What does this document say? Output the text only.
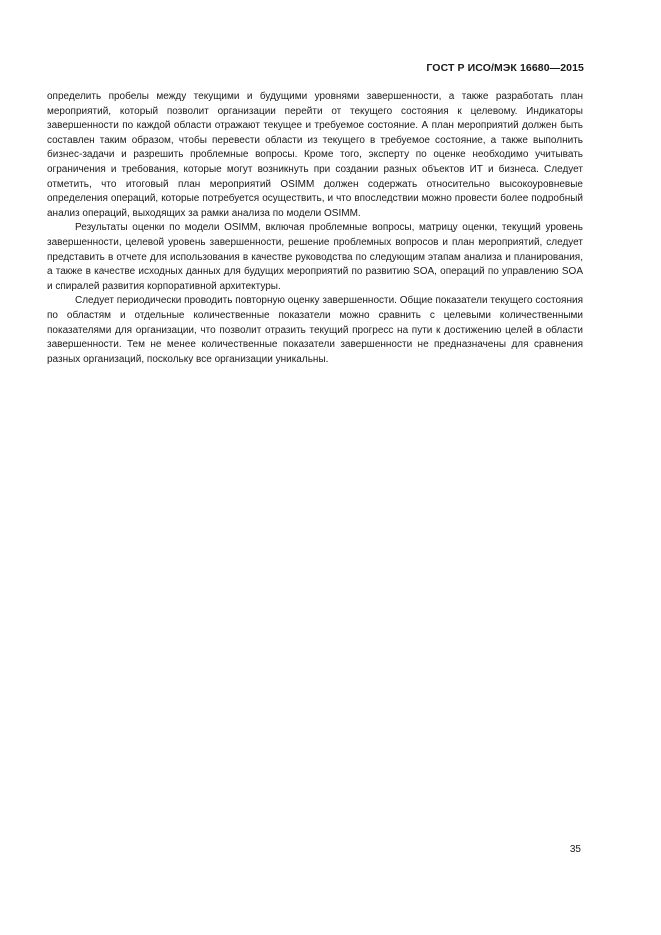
ГОСТ Р ИСО/МЭК 16680—2015

определить пробелы между текущими и будущими уровнями завершенности, а также разработать план мероприятий, который позволит организации перейти от текущего состояния к целевому. Индикаторы завершенности по каждой области отражают текущее и требуемое состояние. А план мероприятий должен быть составлен таким образом, чтобы перевести области из текущего в требуемое состояние, а также выполнить бизнес-задачи и разрешить проблемные вопросы. Кроме того, эксперту по оценке необходимо учитывать ограничения и требования, которые могут возникнуть при создании разных объектов ИТ и бизнеса. Следует отметить, что итоговый план мероприятий OSIMM должен содержать относительно высокоуровневые определения операций, которые потребуется осуществить, и что впоследствии можно провести более подробный анализ операций, выходящих за рамки анализа по модели OSIMM.

Результаты оценки по модели OSIMM, включая проблемные вопросы, матрицу оценки, текущий уровень завершенности, целевой уровень завершенности, решение проблемных вопросов и план мероприятий, следует представить в отчете для использования в качестве руководства по следующим этапам анализа и планирования, а также в качестве исходных данных для будущих мероприятий по развитию SOA, операций по управлению SOA и спиралей развития корпоративной архитектуры.

Следует периодически проводить повторную оценку завершенности. Общие показатели текущего состояния по областям и отдельные количественные показатели можно сравнить с целевыми количественными показателями для организации, что позволит отразить текущий прогресс на пути к достижению целей в области завершенности. Тем не менее количественные показатели завершенности не предназначены для сравнения разных организаций, поскольку все организации уникальны.

35
